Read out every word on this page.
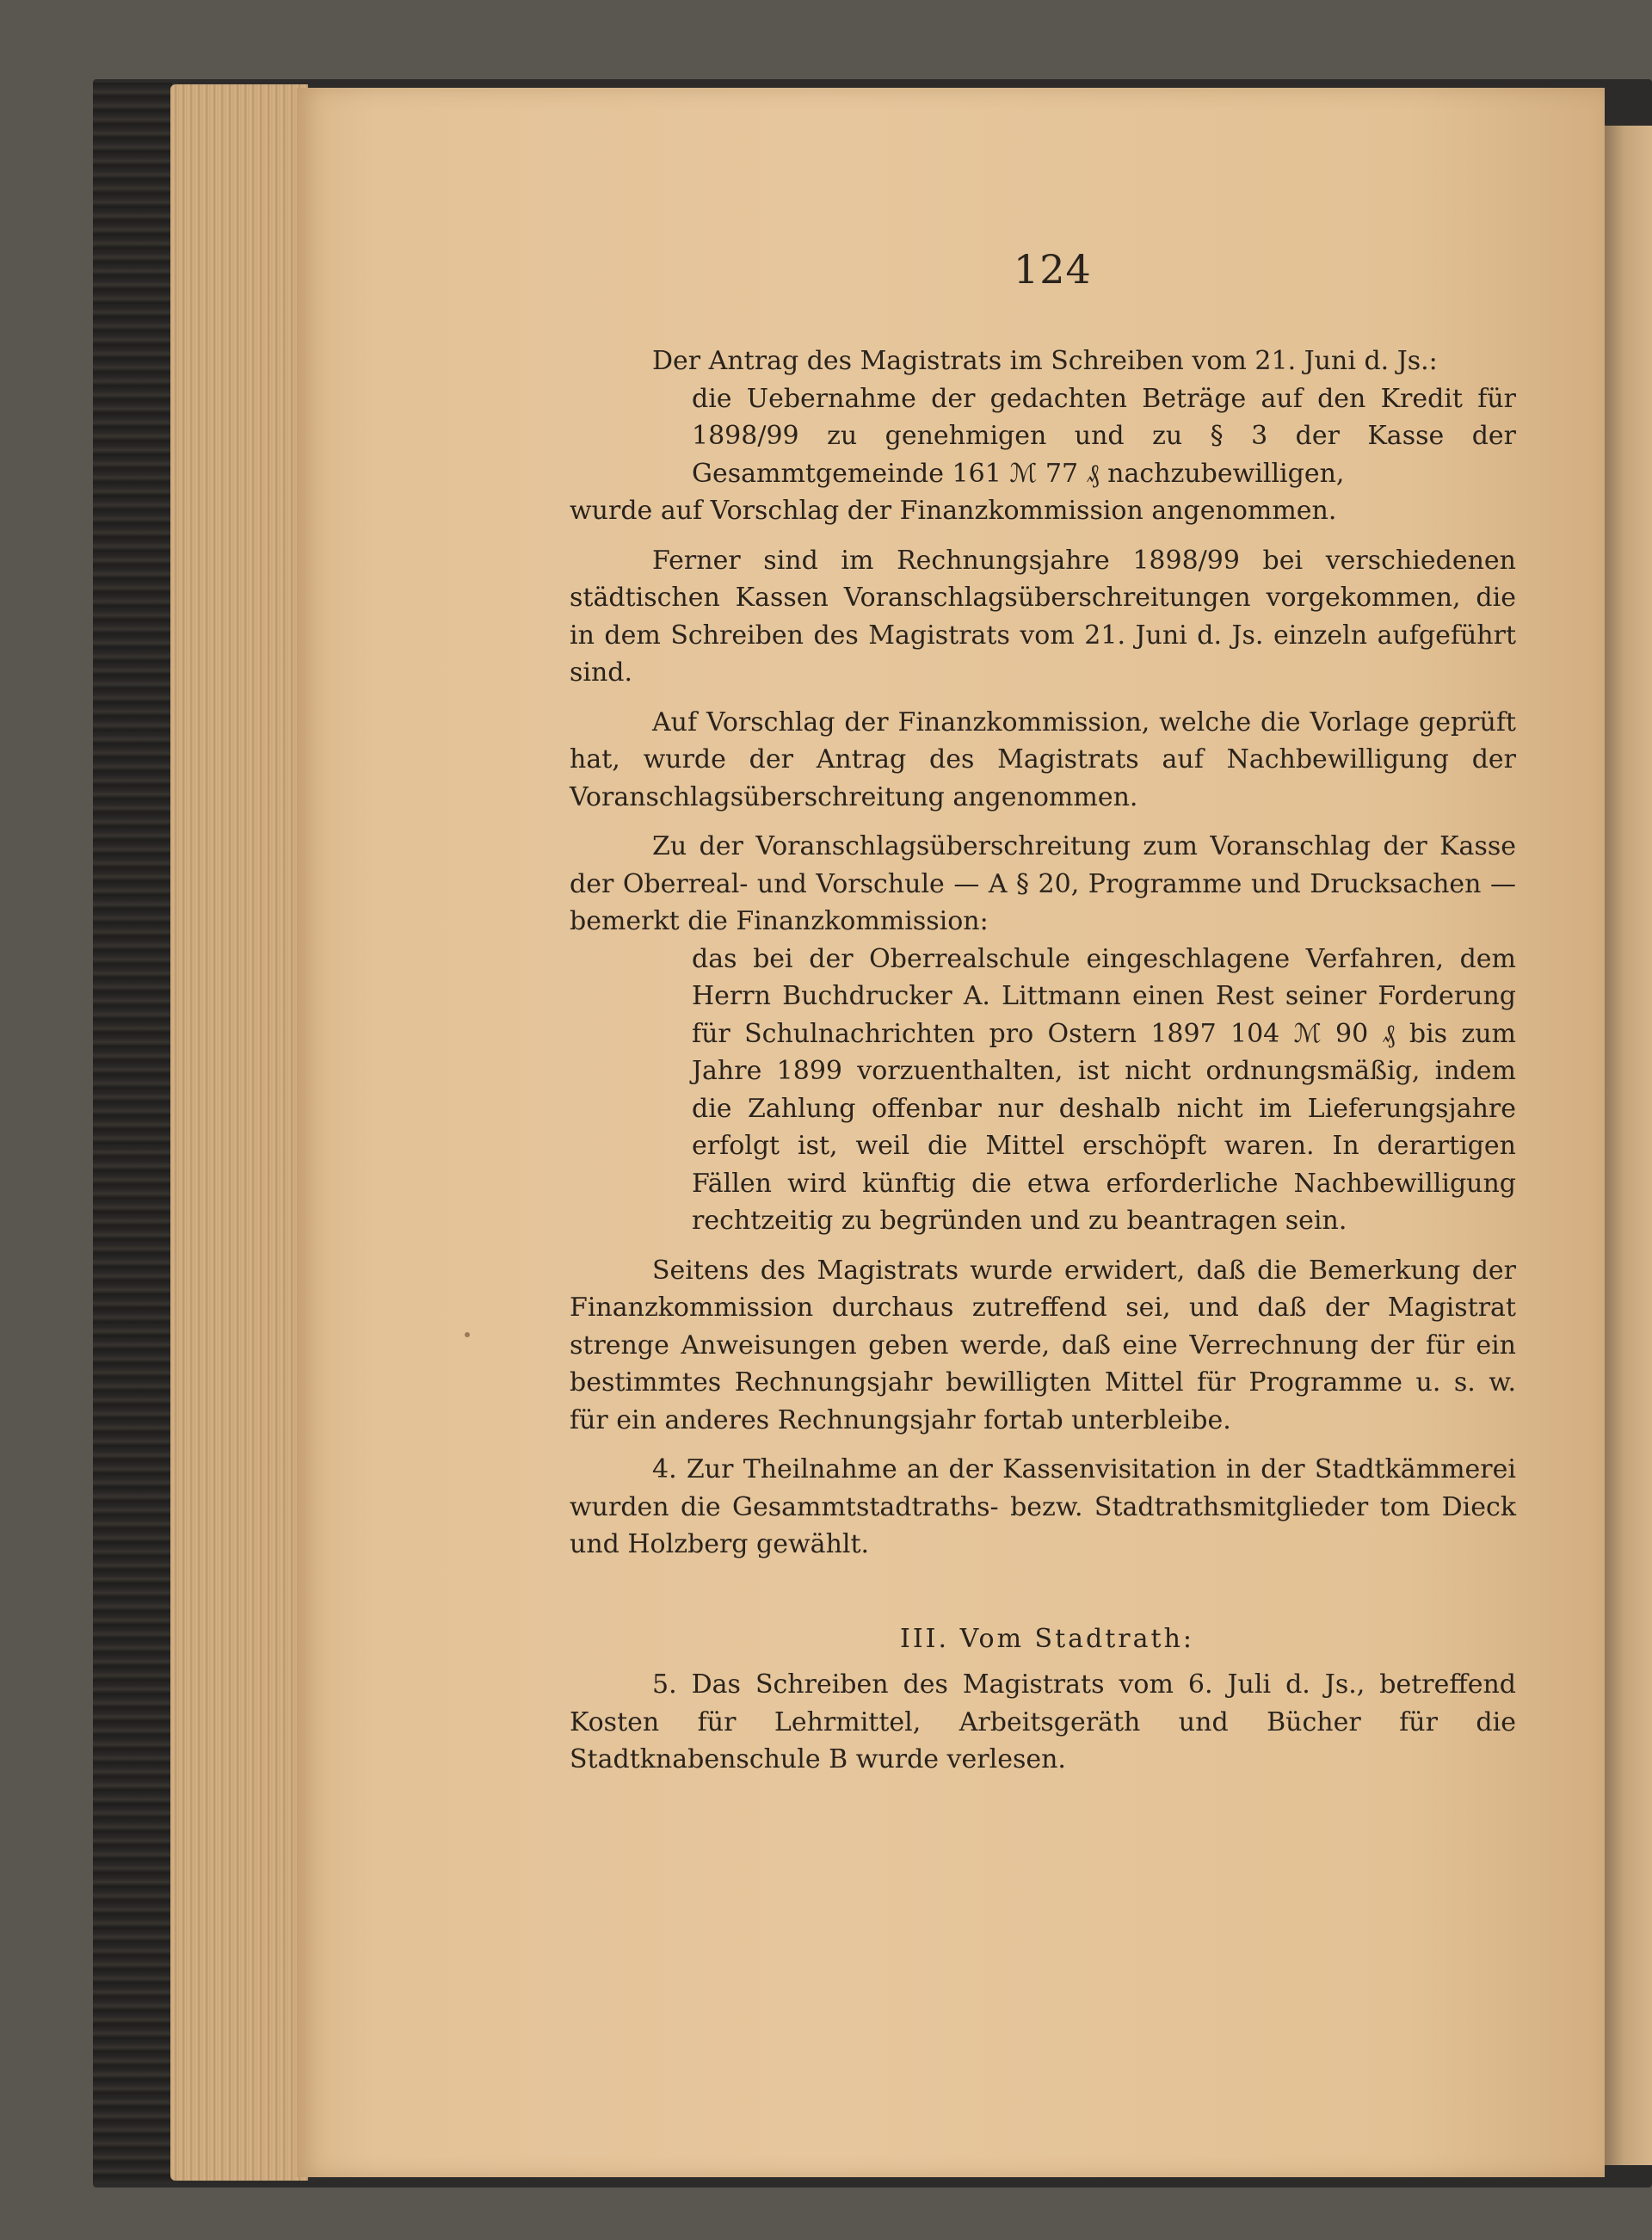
124

Der Antrag des Magistrats im Schreiben vom 21. Juni d. Js.:

die Uebernahme der gedachten Beträge auf den Kredit für 1898/99 zu genehmigen und zu § 3 der Kasse der Gesammtgemeinde 161 ℳ 77 ₰ nachzubewilligen,

wurde auf Vorschlag der Finanzkommission angenommen.

Ferner sind im Rechnungsjahre 1898/99 bei verschiedenen städtischen Kassen Voranschlagsüberschreitungen vorgekommen, die in dem Schreiben des Magistrats vom 21. Juni d. Js. einzeln aufgeführt sind.

Auf Vorschlag der Finanzkommission, welche die Vorlage geprüft hat, wurde der Antrag des Magistrats auf Nachbewilligung der Voranschlagsüberschreitung angenommen.

Zu der Voranschlagsüberschreitung zum Voranschlag der Kasse der Oberreal- und Vorschule — A § 20, Programme und Drucksachen — bemerkt die Finanzkommission:

das bei der Oberrealschule eingeschlagene Verfahren, dem Herrn Buchdrucker A. Littmann einen Rest seiner Forderung für Schulnachrichten pro Ostern 1897 104 ℳ 90 ₰ bis zum Jahre 1899 vorzuenthalten, ist nicht ordnungsmäßig, indem die Zahlung offenbar nur deshalb nicht im Lieferungsjahre erfolgt ist, weil die Mittel erschöpft waren. In derartigen Fällen wird künftig die etwa erforderliche Nachbewilligung rechtzeitig zu begründen und zu beantragen sein.

Seitens des Magistrats wurde erwidert, daß die Bemerkung der Finanzkommission durchaus zutreffend sei, und daß der Magistrat strenge Anweisungen geben werde, daß eine Verrechnung der für ein bestimmtes Rechnungsjahr bewilligten Mittel für Programme u. s. w. für ein anderes Rechnungsjahr fortab unterbleibe.

4. Zur Theilnahme an der Kassenvisitation in der Stadtkämmerei wurden die Gesammtstadtraths- bezw. Stadtrathsmitglieder tom Dieck und Holzberg gewählt.

III. Vom Stadtrath:

5. Das Schreiben des Magistrats vom 6. Juli d. Js., betreffend Kosten für Lehrmittel, Arbeitsgeräth und Bücher für die Stadtknabenschule B wurde verlesen.
